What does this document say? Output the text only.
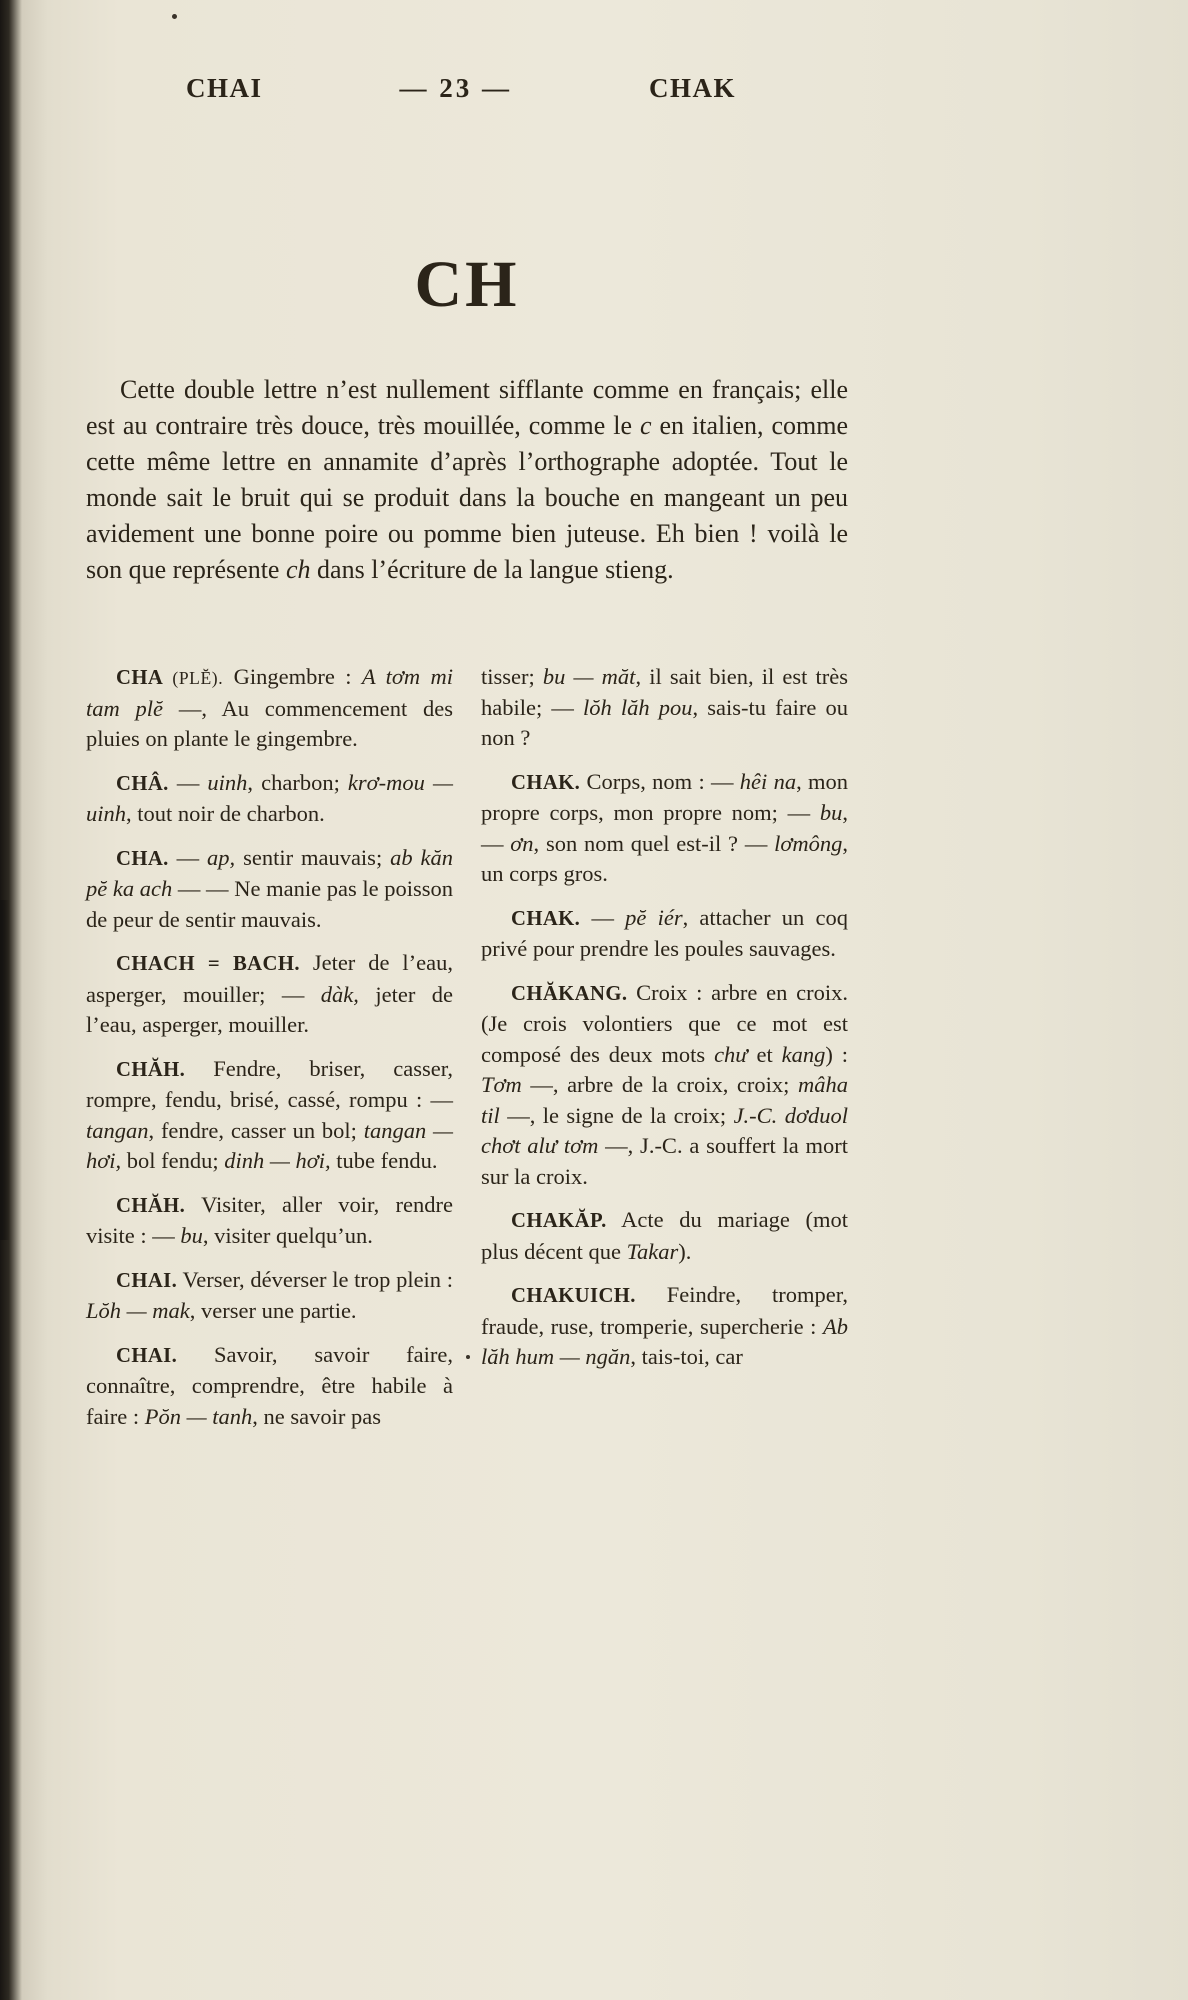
CHAI	— 23 —	CHAK
CH

Cette double lettre n’est nullement sifflante comme en français; elle est au contraire très douce, très mouillée, comme le c en italien, comme cette même lettre en annamite d’après l’orthographe adoptée. Tout le monde sait le bruit qui se produit dans la bouche en mangeant un peu avidement une bonne poire ou pomme bien juteuse. Eh bien ! voilà le son que représente ch dans l’écriture de la langue stieng.

CHA (PLĔ). Gingembre : A tơm mi tam plĕ —, Au commencement des pluies on plante le gingembre.

CHÂ. — uinh, charbon; krơ-mou — uinh, tout noir de charbon.

CHA. — ap, sentir mauvais; ab kăn pĕ ka ach — — Ne manie pas le poisson de peur de sentir mauvais.

CHACH = BACH. Jeter de l’eau, asperger, mouiller; — dàk, jeter de l’eau, asperger, mouiller.

CHĂH. Fendre, briser, casser, rompre, fendu, brisé, cassé, rompu : — tangan, fendre, casser un bol; tangan — hơi, bol fendu; dinh — hơi, tube fendu.

CHĂH. Visiter, aller voir, rendre visite : — bu, visiter quelqu’un.

CHAI. Verser, déverser le trop plein : Lŏh — mak, verser une partie.

CHAI. Savoir, savoir faire, connaître, comprendre, être habile à faire : Pŏn — tanh, ne savoir pas

tisser; bu — măt, il sait bien, il est très habile; — lŏh lăh pou, sais-tu faire ou non ?

CHAK. Corps, nom : — hêi na, mon propre corps, mon propre nom; — bu, — ơn, son nom quel est-il ? — lơmông, un corps gros.

CHAK. — pĕ iér, attacher un coq privé pour prendre les poules sauvages.

CHĂKANG. Croix : arbre en croix. (Je crois volontiers que ce mot est composé des deux mots chư et kang) : Tơm —, arbre de la croix, croix; mâha til —, le signe de la croix; J.-C. dơduol chơt alư tơm —, J.-C. a souffert la mort sur la croix.

CHAKĂP. Acte du mariage (mot plus décent que Takar).

CHAKUICH. Feindre, tromper, fraude, ruse, tromperie, supercherie : Ab lăh hum — ngăn, tais-toi, car
